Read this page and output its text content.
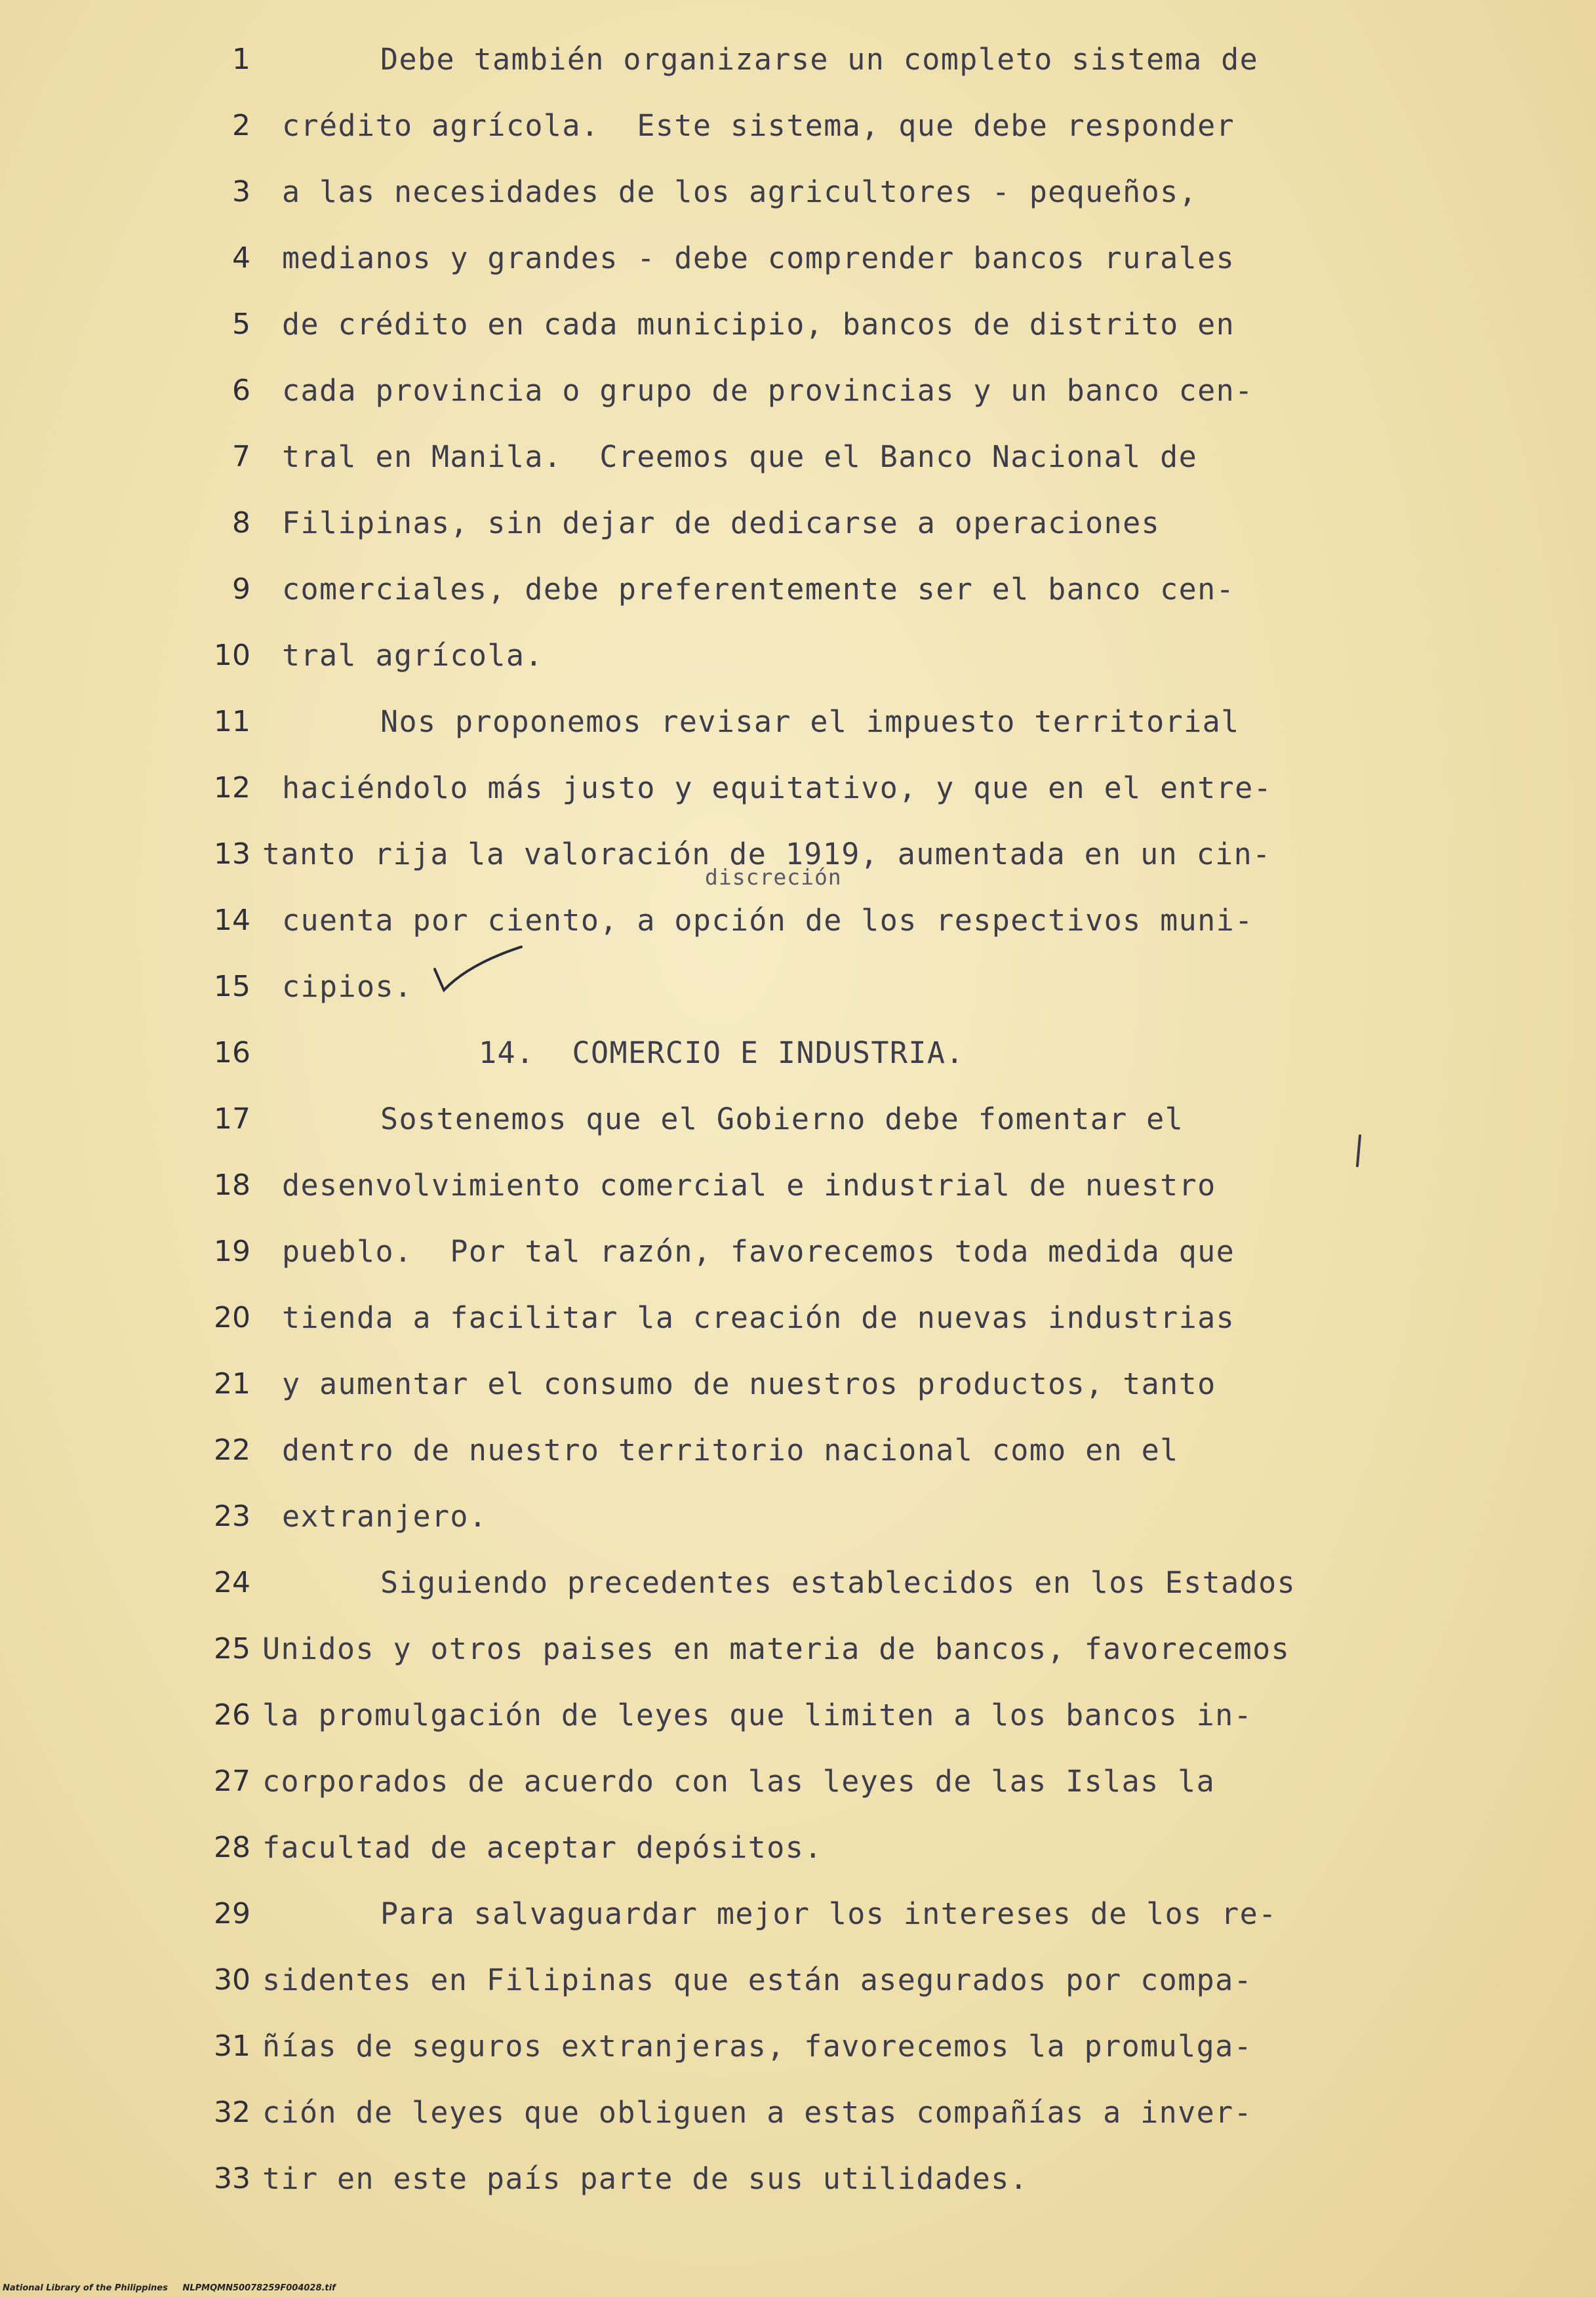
1	Debe también organizarse un completo sistema de
2 crédito agrícola.  Este sistema, que debe responder
3 a las necesidades de los agricultores - pequeños,
4 medianos y grandes - debe comprender bancos rurales
5 de crédito en cada municipio, bancos de distrito en
6 cada provincia o grupo de provincias y un banco cen-
7 tral en Manila.  Creemos que el Banco Nacional de
8 Filipinas, sin dejar de dedicarse a operaciones
9 comerciales, debe preferentemente ser el banco cen-
10 tral agrícola.
11	Nos proponemos revisar el impuesto territorial
12 haciéndolo más justo y equitativo, y que en el entre-
13 tanto rija la valoración de 1919, aumentada en un cin-
14 cuenta por ciento, a opción de los respectivos muni-
15 cipios.
16	14.  COMERCIO E INDUSTRIA.
17	Sostenemos que el Gobierno debe fomentar el
18 desenvolvimiento comercial e industrial de nuestro
19 pueblo.  Por tal razón, favorecemos toda medida que
20 tienda a facilitar la creación de nuevas industrias
21 y aumentar el consumo de nuestros productos, tanto
22 dentro de nuestro territorio nacional como en el
23 extranjero.
24	Siguiendo precedentes establecidos en los Estados
25 Unidos y otros paises en materia de bancos, favorecemos
26 la promulgación de leyes que limiten a los bancos in-
27 corporados de acuerdo con las leyes de las Islas la
28 facultad de aceptar depósitos.
29	Para salvaguardar mejor los intereses de los re-
30 sidentes en Filipinas que están asegurados por compa-
31 ñías de seguros extranjeras, favorecemos la promulga-
32 ción de leyes que obliguen a estas compañías a inver-
33 tir en este país parte de sus utilidades.
discreción
National Library of the Philippines     NLPMQMN50078259F004028.tif
